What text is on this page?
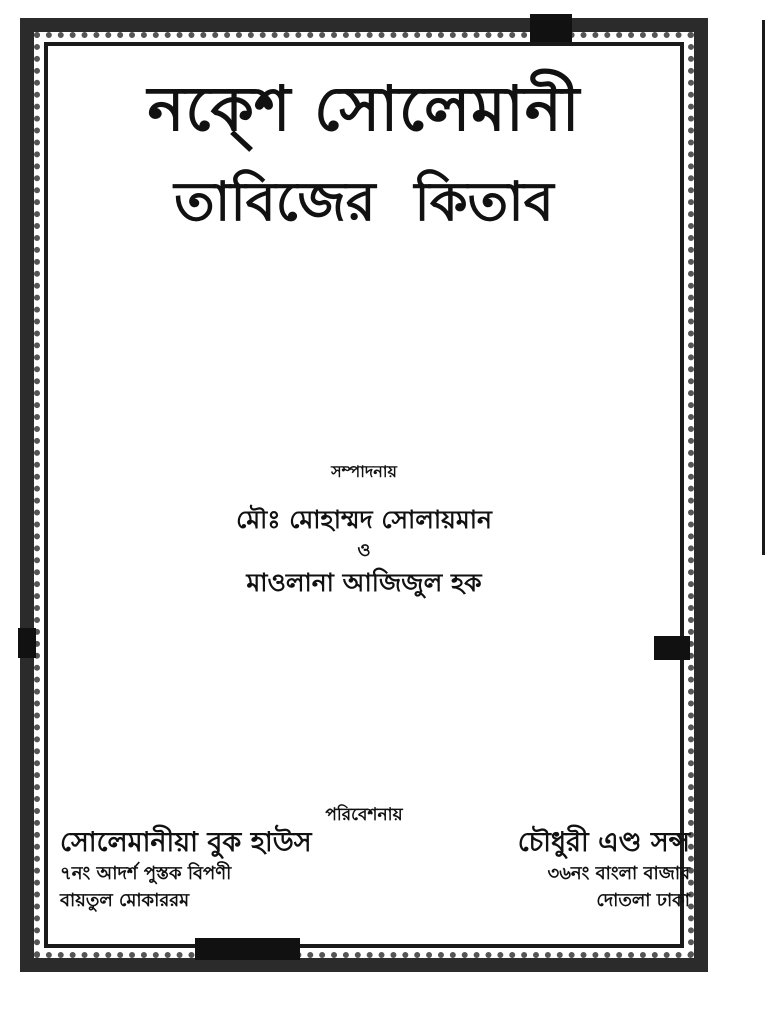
নক্শে সোলেমানী
তাবিজের কিতাব
সম্পাদনায়
মৌঃ মোহাম্মদ সোলায়মান
ও
মাওলানা আজিজুল হক
পরিবেশনায়
সোলেমানীয়া বুক হাউস
৭নং আদর্শ পুস্তক বিপণী
বায়তুল মোকাররম
চৌধুরী এণ্ড সন্স
৩৬নং বাংলা বাজার
দোতলা ঢাকা
